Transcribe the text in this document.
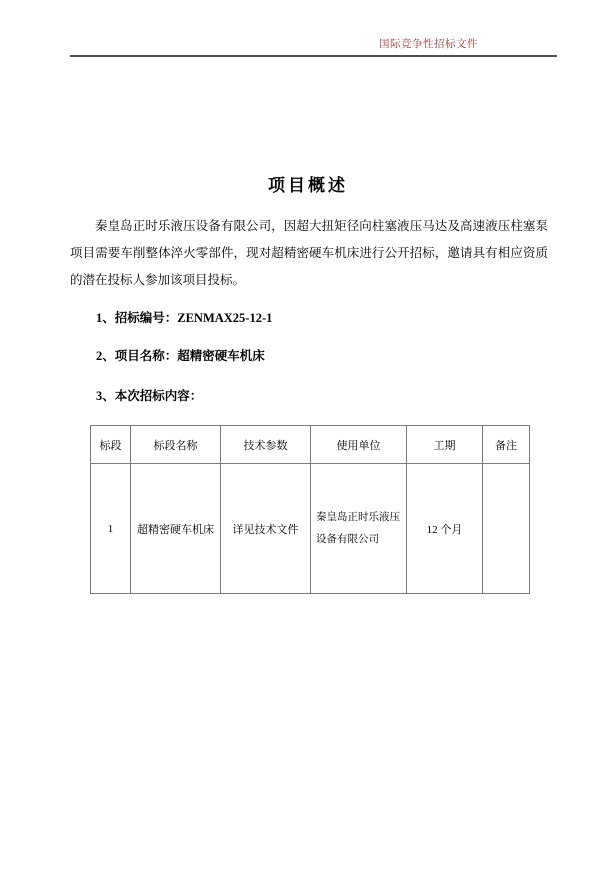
国际竞争性招标文件
项目概述

秦皇岛正时乐液压设备有限公司，因超大扭矩径向柱塞液压马达及高速液压柱塞泵项目需要车削整体淬火零部件，现对超精密硬车机床进行公开招标，邀请具有相应资质的潜在投标人参加该项目投标。

1、招标编号：ZENMAX25-12-1
2、项目名称：超精密硬车机床
3、本次招标内容：
标段	标段名称	技术参数	使用单位	工期	备注
1	超精密硬车机床	详见技术文件	秦皇岛正时乐液压设备有限公司	12 个月	
